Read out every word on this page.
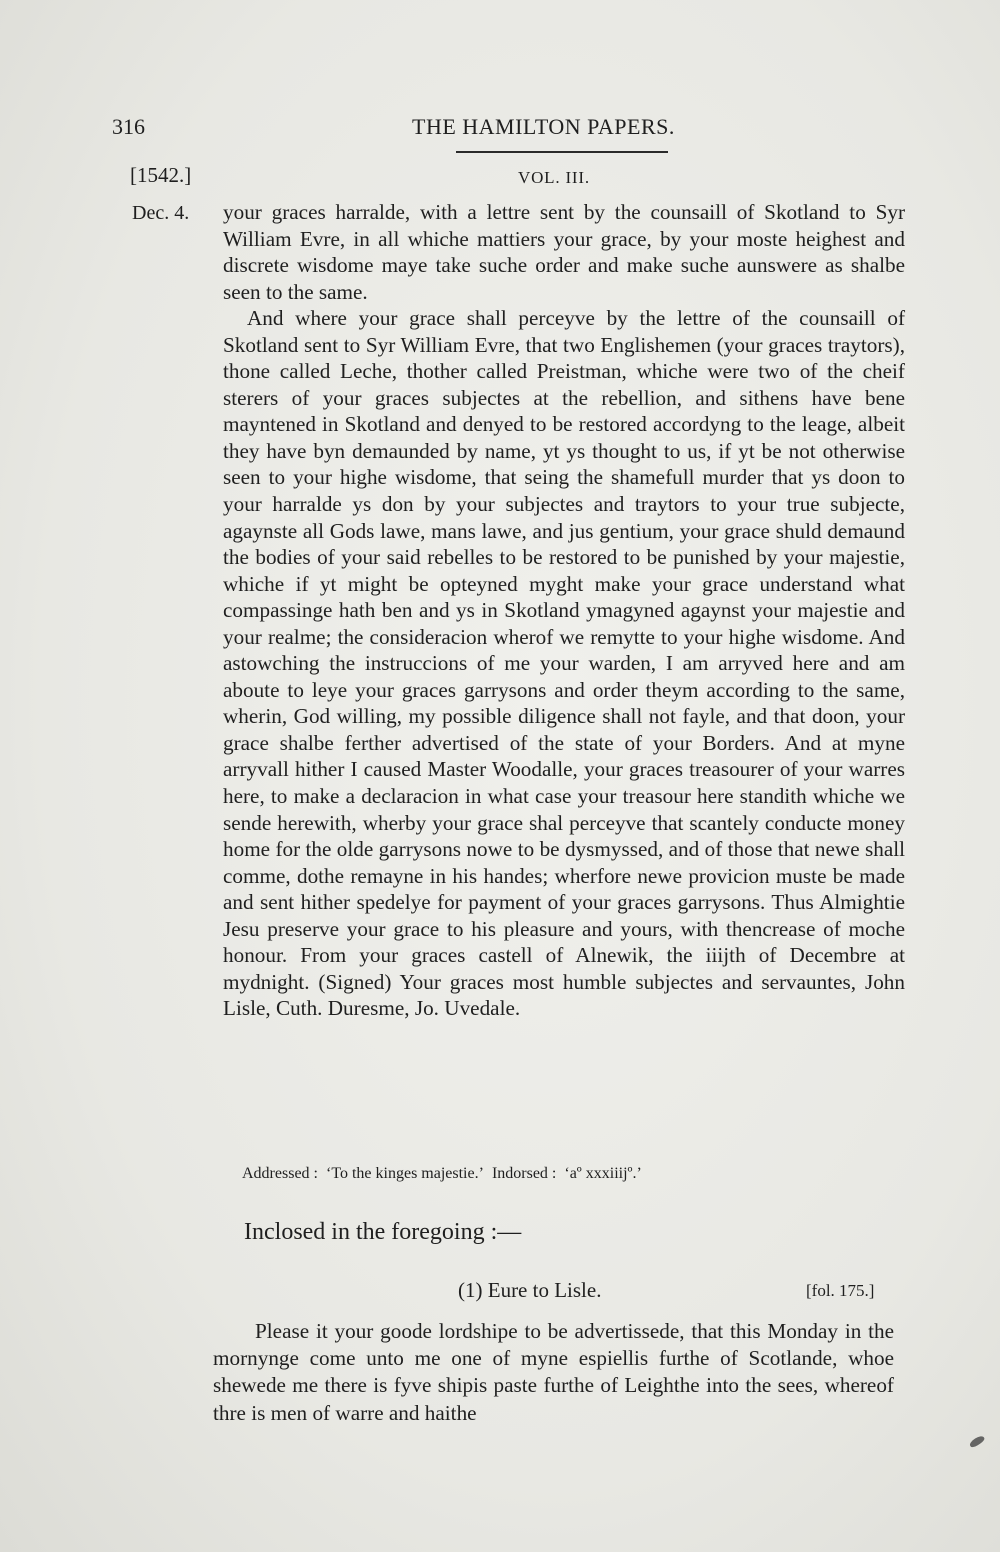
316	THE HAMILTON PAPERS.
[1542.]	VOL. III.
Dec. 4. your graces harralde, with a lettre sent by the counsaill of Skotland to Syr William Evre, in all whiche mattiers your grace, by your moste heighest and discrete wisdome maye take suche order and make suche aunswere as shalbe seen to the same.

And where your grace shall perceyve by the lettre of the counsaill of Skotland sent to Syr William Evre, that two Englishemen (your graces traytors), thone called Leche, thother called Preistman, whiche were two of the cheif sterers of your graces subjectes at the rebellion, and sithens have bene mayntened in Skotland and denyed to be restored accordyng to the leage, albeit they have byn demaunded by name, yt ys thought to us, if yt be not otherwise seen to your highe wisdome, that seing the shamefull murder that ys doon to your harralde ys don by your subjectes and traytors to your true subjecte, agaynste all Gods lawe, mans lawe, and jus gentium, your grace shuld demaund the bodies of your said rebelles to be restored to be punished by your majestie, whiche if yt might be opteyned myght make your grace understand what compassinge hath ben and ys in Skotland ymagyned agaynst your majestie and your realme; the consideracion wherof we remytte to your highe wisdome. And astowching the instruccions of me your warden, I am arryved here and am aboute to leye your graces garrysons and order theym according to the same, wherin, God willing, my possible diligence shall not fayle, and that doon, your grace shalbe ferther advertised of the state of your Borders. And at myne arryvall hither I caused Master Woodalle, your graces treasourer of your warres here, to make a declaracion in what case your treasour here standith whiche we sende herewith, wherby your grace shal perceyve that scantely conducte money home for the olde garrysons nowe to be dysmyssed, and of those that newe shall comme, dothe remayne in his handes; wherfore newe provicion muste be made and sent hither spedelye for payment of your graces garrysons. Thus Almightie Jesu preserve your grace to his pleasure and yours, with thencrease of moche honour. From your graces castell of Alnewik, the iiijth of Decembre at mydnight. (Signed) Your graces most humble subjectes and servauntes, John Lisle, Cuth. Duresme, Jo. Uvedale.

Addressed : ‘To the kinges majestie.’ Indorsed : ‘aº xxxiiijº.’
Inclosed in the foregoing :—
(1) Eure to Lisle.	[fol. 175.]

Please it your goode lordshipe to be advertissede, that this Monday in the mornynge come unto me one of myne espiellis furthe of Scotlande, whoe shewede me there is fyve shipis paste furthe of Leighthe into the sees, whereof thre is men of warre and haithe
